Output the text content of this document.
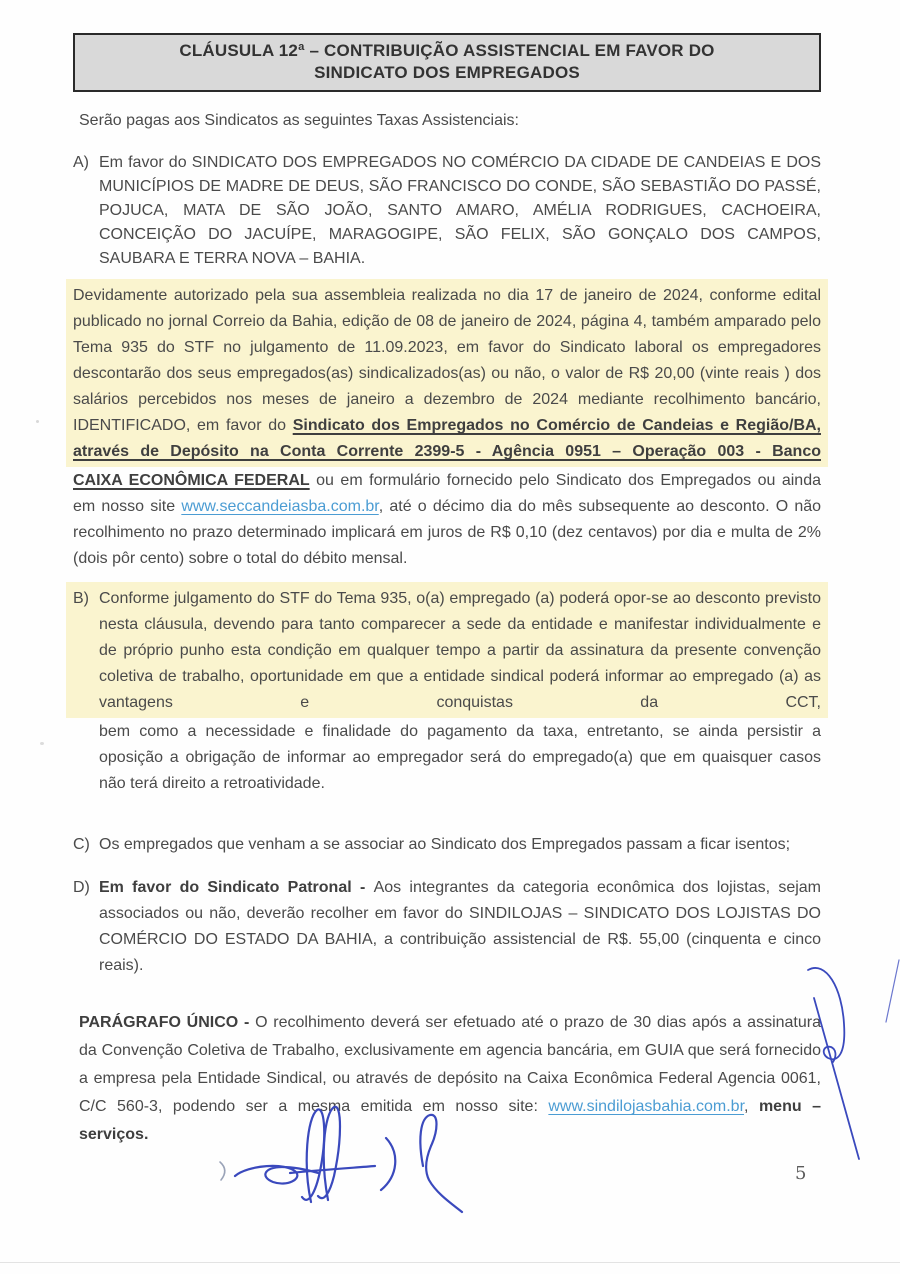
CLÁUSULA 12ª – CONTRIBUIÇÃO ASSISTENCIAL EM FAVOR DO
SINDICATO DOS EMPREGADOS
Serão pagas aos Sindicatos as seguintes Taxas Assistenciais:
A) Em favor do SINDICATO DOS EMPREGADOS NO COMÉRCIO DA CIDADE DE CANDEIAS E DOS MUNICÍPIOS DE MADRE DE DEUS, SÃO FRANCISCO DO CONDE, SÃO SEBASTIÃO DO PASSÉ, POJUCA, MATA DE SÃO JOÃO, SANTO AMARO, AMÉLIA RODRIGUES, CACHOEIRA, CONCEIÇÃO DO JACUÍPE, MARAGOGIPE, SÃO FELIX, SÃO GONÇALO DOS CAMPOS, SAUBARA E TERRA NOVA – BAHIA.
Devidamente autorizado pela sua assembleia realizada no dia 17 de janeiro de 2024, conforme edital publicado no jornal Correio da Bahia, edição de 08 de janeiro de 2024, página 4, também amparado pelo Tema 935 do STF no julgamento de 11.09.2023, em favor do Sindicato laboral os empregadores descontarão dos seus empregados(as) sindicalizados(as) ou não, o valor de R$ 20,00 (vinte reais ) dos salários percebidos nos meses de janeiro a dezembro de 2024 mediante recolhimento bancário, IDENTIFICADO, em favor do Sindicato dos Empregados no Comércio de Candeias e Região/BA, através de Depósito na Conta Corrente 2399-5 - Agência 0951 – Operação 003 - Banco
CAIXA ECONÔMICA FEDERAL ou em formulário fornecido pelo Sindicato dos Empregados ou ainda em nosso site www.seccandeiasba.com.br, até o décimo dia do mês subsequente ao desconto. O não recolhimento no prazo determinado implicará em juros de R$ 0,10 (dez centavos) por dia e multa de 2% (dois pôr cento) sobre o total do débito mensal.
B) Conforme julgamento do STF do Tema 935, o(a) empregado (a) poderá opor-se ao desconto previsto nesta cláusula, devendo para tanto comparecer a sede da entidade e manifestar individualmente e de próprio punho esta condição em qualquer tempo a partir da assinatura da presente convenção coletiva de trabalho, oportunidade em que a entidade sindical poderá informar ao empregado (a) as vantagens e conquistas da CCT,
bem como a necessidade e finalidade do pagamento da taxa, entretanto, se ainda persistir a oposição a obrigação de informar ao empregador será do empregado(a) que em quaisquer casos não terá direito a retroatividade.
C) Os empregados que venham a se associar ao Sindicato dos Empregados passam a ficar isentos;
D) Em favor do Sindicato Patronal - Aos integrantes da categoria econômica dos lojistas, sejam associados ou não, deverão recolher em favor do SINDILOJAS – SINDICATO DOS LOJISTAS DO COMÉRCIO DO ESTADO DA BAHIA, a contribuição assistencial de R$. 55,00 (cinquenta e cinco reais).
PARÁGRAFO ÚNICO - O recolhimento deverá ser efetuado até o prazo de 30 dias após a assinatura da Convenção Coletiva de Trabalho, exclusivamente em agencia bancária, em GUIA que será fornecido a empresa pela Entidade Sindical, ou através de depósito na Caixa Econômica Federal Agencia 0061, C/C 560-3, podendo ser a mesma emitida em nosso site: www.sindilojasbahia.com.br, menu – serviços.
5
